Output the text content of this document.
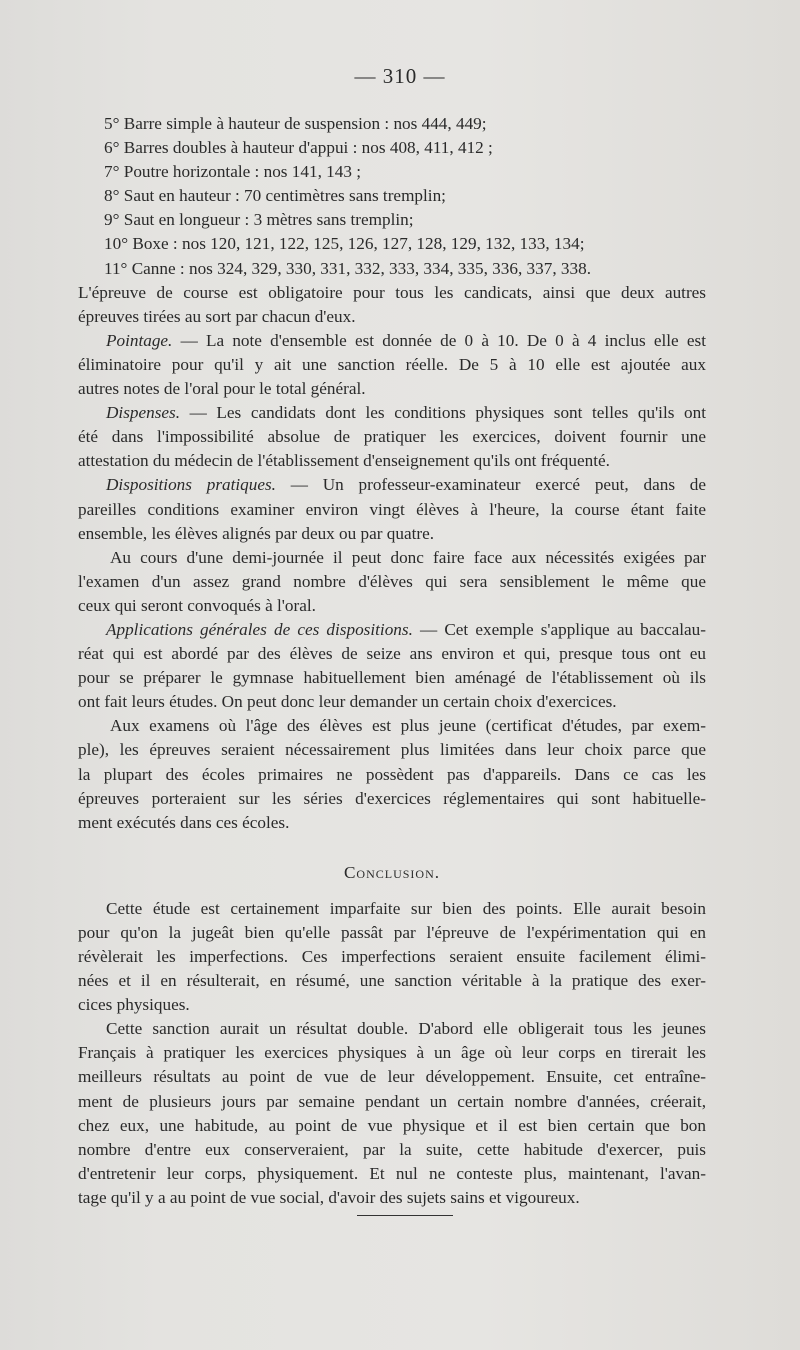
— 310 —
5° Barre simple à hauteur de suspension : nos 444, 449;
6° Barres doubles à hauteur d'appui : nos 408, 411, 412 ;
7° Poutre horizontale : nos 141, 143 ;
8° Saut en hauteur : 70 centimètres sans tremplin;
9° Saut en longueur : 3 mètres sans tremplin;
10° Boxe : nos 120, 121, 122, 125, 126, 127, 128, 129, 132, 133, 134;
11° Canne : nos 324, 329, 330, 331, 332, 333, 334, 335, 336, 337, 338.
L'épreuve de course est obligatoire pour tous les candicats, ainsi que deux autres
épreuves tirées au sort par chacun d'eux.
Pointage. — La note d'ensemble est donnée de 0 à 10. De 0 à 4 inclus elle est
éliminatoire pour qu'il y ait une sanction réelle. De 5 à 10 elle est ajoutée aux
autres notes de l'oral pour le total général.
Dispenses. — Les candidats dont les conditions physiques sont telles qu'ils ont
été dans l'impossibilité absolue de pratiquer les exercices, doivent fournir une
attestation du médecin de l'établissement d'enseignement qu'ils ont fréquenté.
Dispositions pratiques. — Un professeur-examinateur exercé peut, dans de
pareilles conditions examiner environ vingt élèves à l'heure, la course étant faite
ensemble, les élèves alignés par deux ou par quatre.
Au cours d'une demi-journée il peut donc faire face aux nécessités exigées par
l'examen d'un assez grand nombre d'élèves qui sera sensiblement le même que
ceux qui seront convoqués à l'oral.
Applications générales de ces dispositions. — Cet exemple s'applique au baccalau-
réat qui est abordé par des élèves de seize ans environ et qui, presque tous ont eu
pour se préparer le gymnase habituellement bien aménagé de l'établissement où ils
ont fait leurs études. On peut donc leur demander un certain choix d'exercices.
Aux examens où l'âge des élèves est plus jeune (certificat d'études, par exem-
ple), les épreuves seraient nécessairement plus limitées dans leur choix parce que
la plupart des écoles primaires ne possèdent pas d'appareils. Dans ce cas les
épreuves porteraient sur les séries d'exercices réglementaires qui sont habituelle-
ment exécutés dans ces écoles.
Conclusion.
Cette étude est certainement imparfaite sur bien des points. Elle aurait besoin
pour qu'on la jugeât bien qu'elle passât par l'épreuve de l'expérimentation qui en
révèlerait les imperfections. Ces imperfections seraient ensuite facilement élimi-
nées et il en résulterait, en résumé, une sanction véritable à la pratique des exer-
cices physiques.
Cette sanction aurait un résultat double. D'abord elle obligerait tous les jeunes
Français à pratiquer les exercices physiques à un âge où leur corps en tirerait les
meilleurs résultats au point de vue de leur développement. Ensuite, cet entraîne-
ment de plusieurs jours par semaine pendant un certain nombre d'années, créerait,
chez eux, une habitude, au point de vue physique et il est bien certain que bon
nombre d'entre eux conserveraient, par la suite, cette habitude d'exercer, puis
d'entretenir leur corps, physiquement. Et nul ne conteste plus, maintenant, l'avan-
tage qu'il y a au point de vue social, d'avoir des sujets sains et vigoureux.
